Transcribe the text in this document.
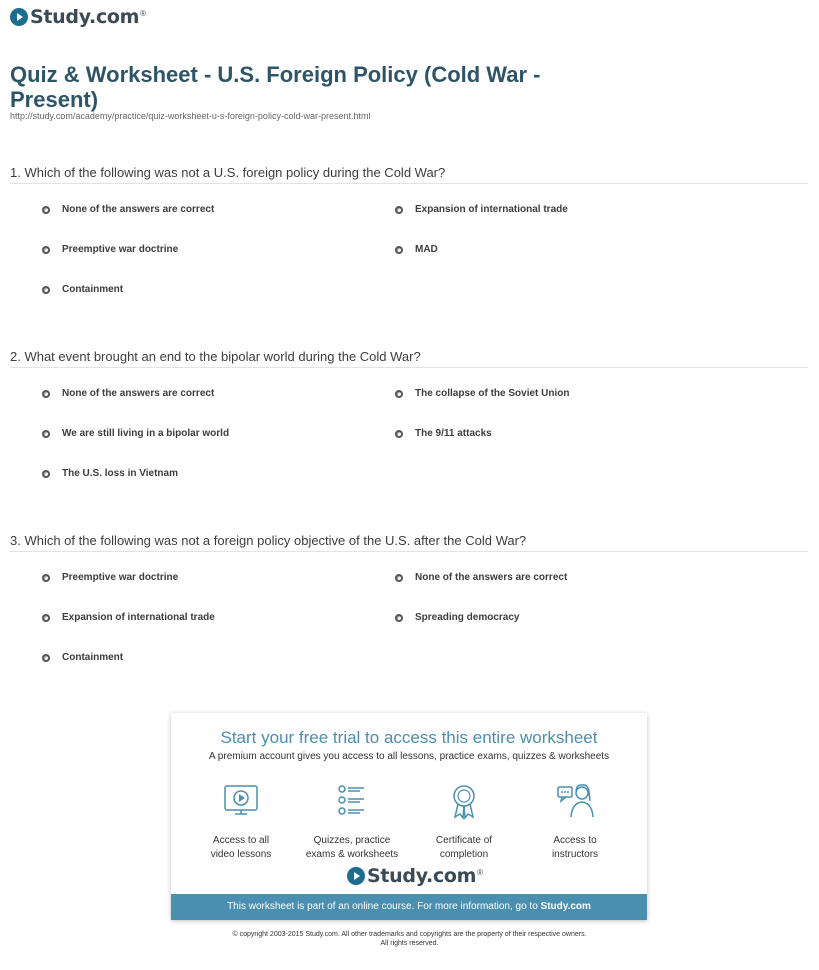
Study.com ®
Quiz & Worksheet - U.S. Foreign Policy (Cold War - Present)
http://study.com/academy/practice/quiz-worksheet-u-s-foreign-policy-cold-war-present.html
1. Which of the following was not a U.S. foreign policy during the Cold War?
None of the answers are correct	Expansion of international trade
Preemptive war doctrine	MAD
Containment
2. What event brought an end to the bipolar world during the Cold War?
None of the answers are correct	The collapse of the Soviet Union
We are still living in a bipolar world	The 9/11 attacks
The U.S. loss in Vietnam
3. Which of the following was not a foreign policy objective of the U.S. after the Cold War?
Preemptive war doctrine	None of the answers are correct
Expansion of international trade	Spreading democracy
Containment
Start your free trial to access this entire worksheet
A premium account gives you access to all lessons, practice exams, quizzes & worksheets
Access to all
video lessons
Quizzes, practice
exams & worksheets
Certificate of
completion
Access to
instructors
Study.com ®
This worksheet is part of an online course. For more information, go to Study.com
© copyright 2003-2015 Study.com. All other trademarks and copyrights are the property of their respective owners.
All rights reserved.
